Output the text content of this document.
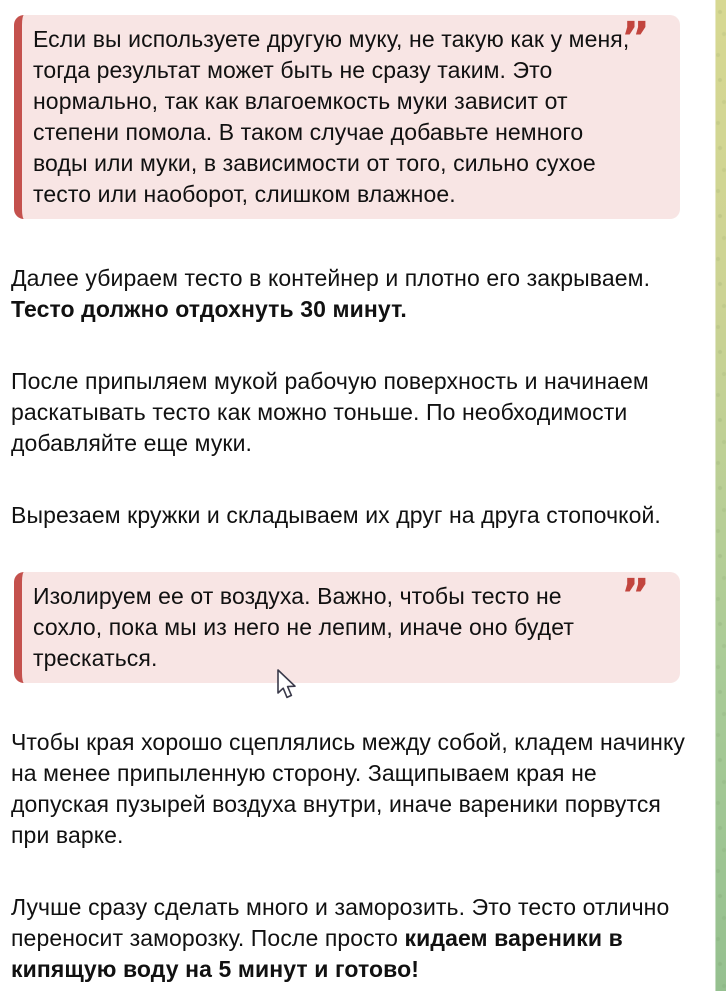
”
Если вы используете другую муку, не такую как у меня, тогда результат может быть не сразу таким. Это нормально, так как влагоемкость муки зависит от степени помола. В таком случае добавьте немного воды или муки, в зависимости от того, сильно сухое тесто или наоборот, слишком влажное.

Далее убираем тесто в контейнер и плотно его закрываем. Тесто должно отдохнуть 30 минут.

После припыляем мукой рабочую поверхность и начинаем раскатывать тесто как можно тоньше. По необходимости добавляйте еще муки.

Вырезаем кружки и складываем их друг на друга стопочкой.

”
Изолируем ее от воздуха. Важно, чтобы тесто не сохло, пока мы из него не лепим, иначе оно будет трескаться.

Чтобы края хорошо сцеплялись между собой, кладем начинку на менее припыленную сторону. Защипываем края не допуская пузырей воздуха внутри, иначе вареники порвутся при варке.

Лучше сразу сделать много и заморозить. Это тесто отлично переносит заморозку. После просто кидаем вареники в кипящую воду на 5 минут и готово!
